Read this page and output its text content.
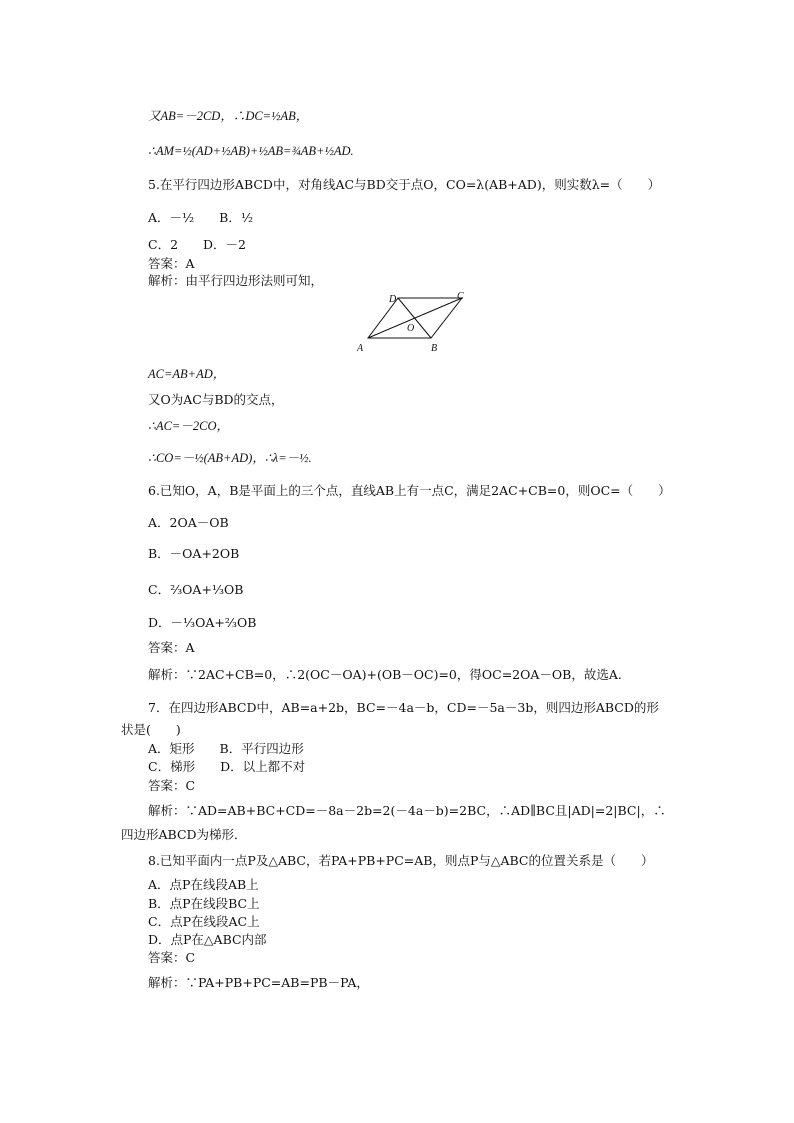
又AB=－2CD，∴DC=½AB，
∴AM=½(AD+½AB)+½AB=¾AB+½AD.
5.在平行四边形ABCD中，对角线AC与BD交于点O，CO=λ(AB+AD)，则实数λ=（　　）
A．－½　　B．½
C．2　　D．－2
答案：A
解析：由平行四边形法则可知，
A	B
C
D
O
AC=AB+AD，
又O为AC与BD的交点，
∴AC=－2CO，
∴CO=－½(AB+AD)，∴λ=－½.
6.已知O，A，B是平面上的三个点，直线AB上有一点C，满足2AC+CB=0，则OC=（　　）
A．2OA－OB
B．－OA+2OB
C．⅔OA+⅓OB
D．－⅓OA+⅔OB
答案：A
解析：∵2AC+CB=0，∴2(OC－OA)+(OB－OC)=0，得OC=2OA－OB，故选A.
7．在四边形ABCD中，AB=a+2b，BC=－4a－b，CD=－5a－3b，则四边形ABCD的形
状是(　　)
A．矩形　　B．平行四边形
C．梯形　　D．以上都不对
答案：C
解析：∵AD=AB+BC+CD=－8a－2b=2(－4a－b)=2BC，∴AD∥BC且|AD|=2|BC|，∴
四边形ABCD为梯形．
8.已知平面内一点P及△ABC，若PA+PB+PC=AB，则点P与△ABC的位置关系是（　　）
A．点P在线段AB上
B．点P在线段BC上
C．点P在线段AC上
D．点P在△ABC内部
答案：C
解析：∵PA+PB+PC=AB=PB－PA，
